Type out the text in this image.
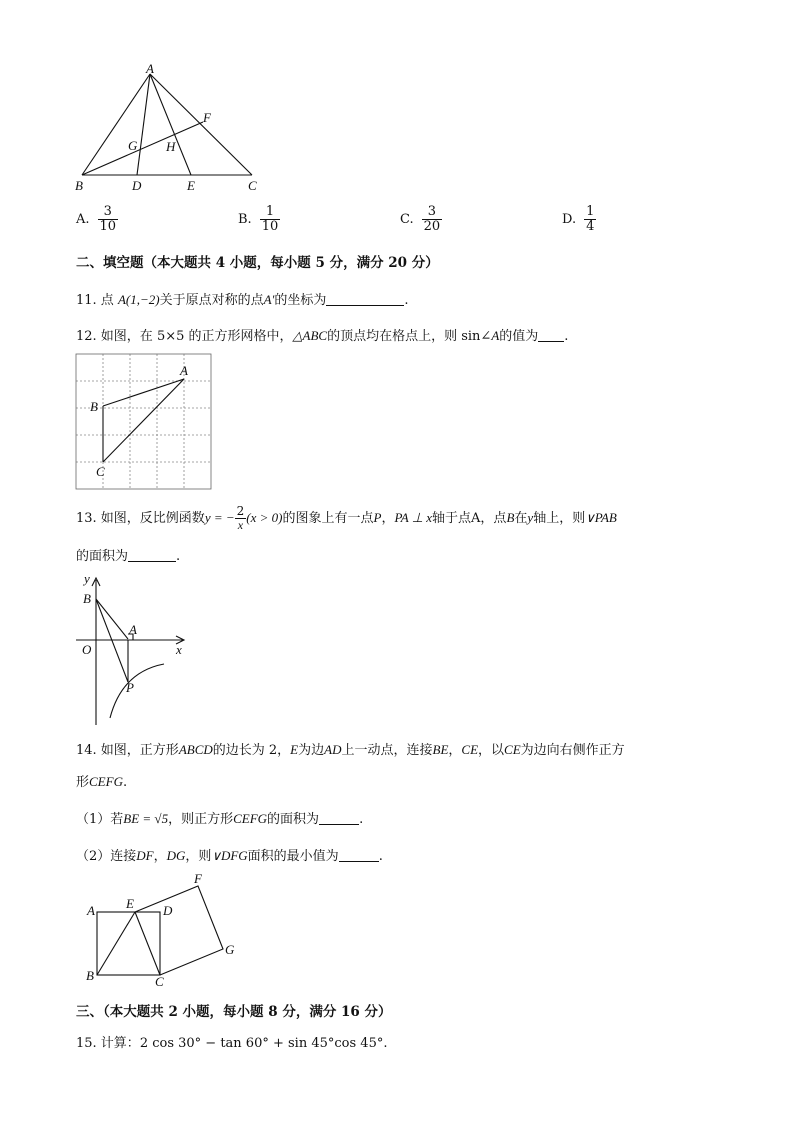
A
F
G H
B	D	E	C
A. $\frac{3}{10}$	B. $\frac{1}{10}$	C. $\frac{3}{20}$	D. $\frac{1}{4}$
二、填空题（本大题共 4 小题，每小题 5 分，满分 20 分）
11. 点 A(1,−2)关于原点对称的点A′的坐标为	.
12. 如图，在 5×5 的正方形网格中，△ABC的顶点均在格点上，则 sin∠A的值为 .
A
B
C
13. 如图，反比例函数y = − $\frac{2}{x} (x > 0)$的图象上有一点P，PA ⊥ x轴于点A，点B在y轴上，则∨PAB
的面积为	.
y
B
A
O	x
P
14. 如图，正方形ABCD的边长为 2，E为边AD上一动点，连接BE，CE，以CE为边向右侧作正方
形CEFG.
（1）若BE = √5，则正方形CEFG的面积为	.
（2）连接DF，DG，则∨DFG面积的最小值为	.
F
A E D
G
B	C
三、（本大题共 2 小题，每小题 8 分，满分 16 分）
15. 计算：2 cos 30° − tan 60° + sin 45°cos 45°.
